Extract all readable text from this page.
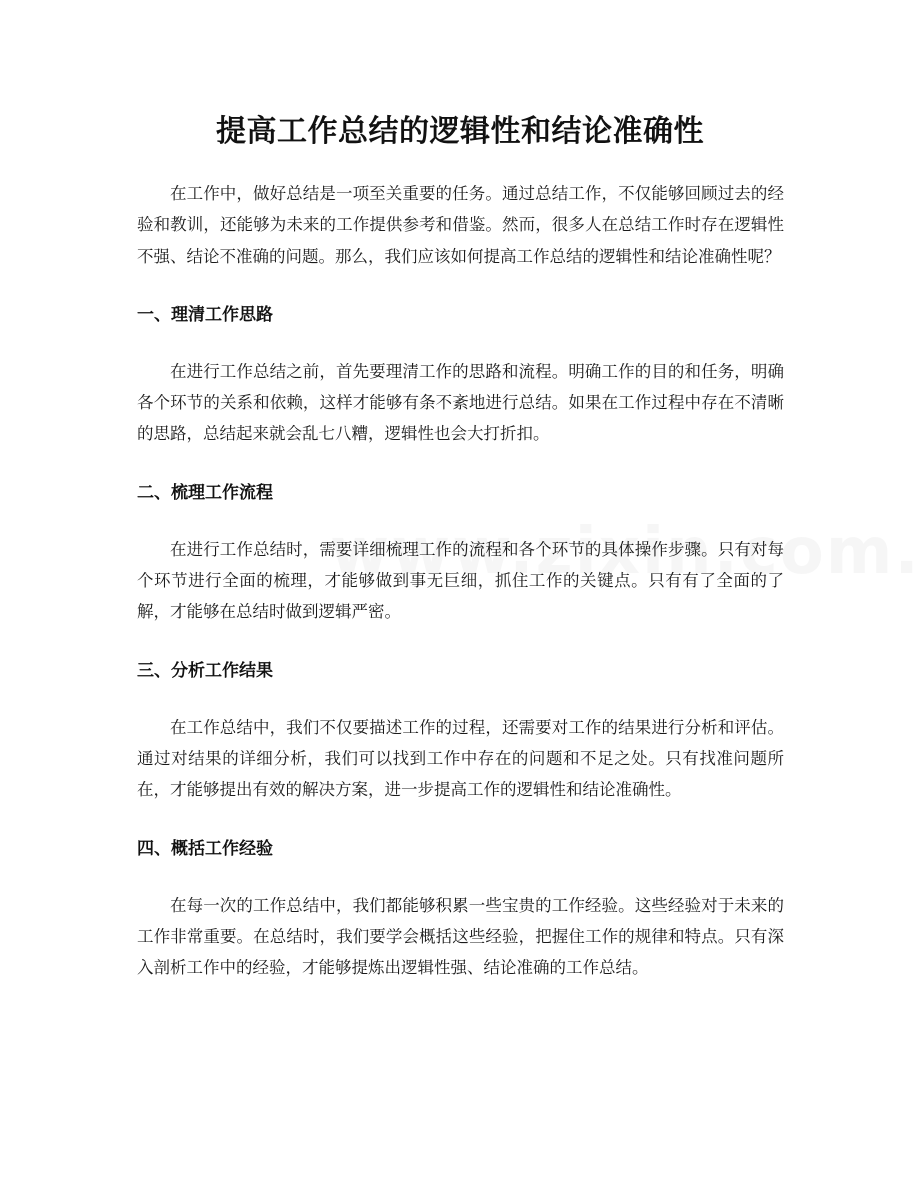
提高工作总结的逻辑性和结论准确性

在工作中，做好总结是一项至关重要的任务。通过总结工作，不仅能够回顾过去的经验和教训，还能够为未来的工作提供参考和借鉴。然而，很多人在总结工作时存在逻辑性不强、结论不准确的问题。那么，我们应该如何提高工作总结的逻辑性和结论准确性呢？

一、理清工作思路

在进行工作总结之前，首先要理清工作的思路和流程。明确工作的目的和任务，明确各个环节的关系和依赖，这样才能够有条不紊地进行总结。如果在工作过程中存在不清晰的思路，总结起来就会乱七八糟，逻辑性也会大打折扣。

二、梳理工作流程

在进行工作总结时，需要详细梳理工作的流程和各个环节的具体操作步骤。只有对每个环节进行全面的梳理，才能够做到事无巨细，抓住工作的关键点。只有有了全面的了解，才能够在总结时做到逻辑严密。

三、分析工作结果

在工作总结中，我们不仅要描述工作的过程，还需要对工作的结果进行分析和评估。通过对结果的详细分析，我们可以找到工作中存在的问题和不足之处。只有找准问题所在，才能够提出有效的解决方案，进一步提高工作的逻辑性和结论准确性。

四、概括工作经验

在每一次的工作总结中，我们都能够积累一些宝贵的工作经验。这些经验对于未来的工作非常重要。在总结时，我们要学会概括这些经验，把握住工作的规律和特点。只有深入剖析工作中的经验，才能够提炼出逻辑性强、结论准确的工作总结。
